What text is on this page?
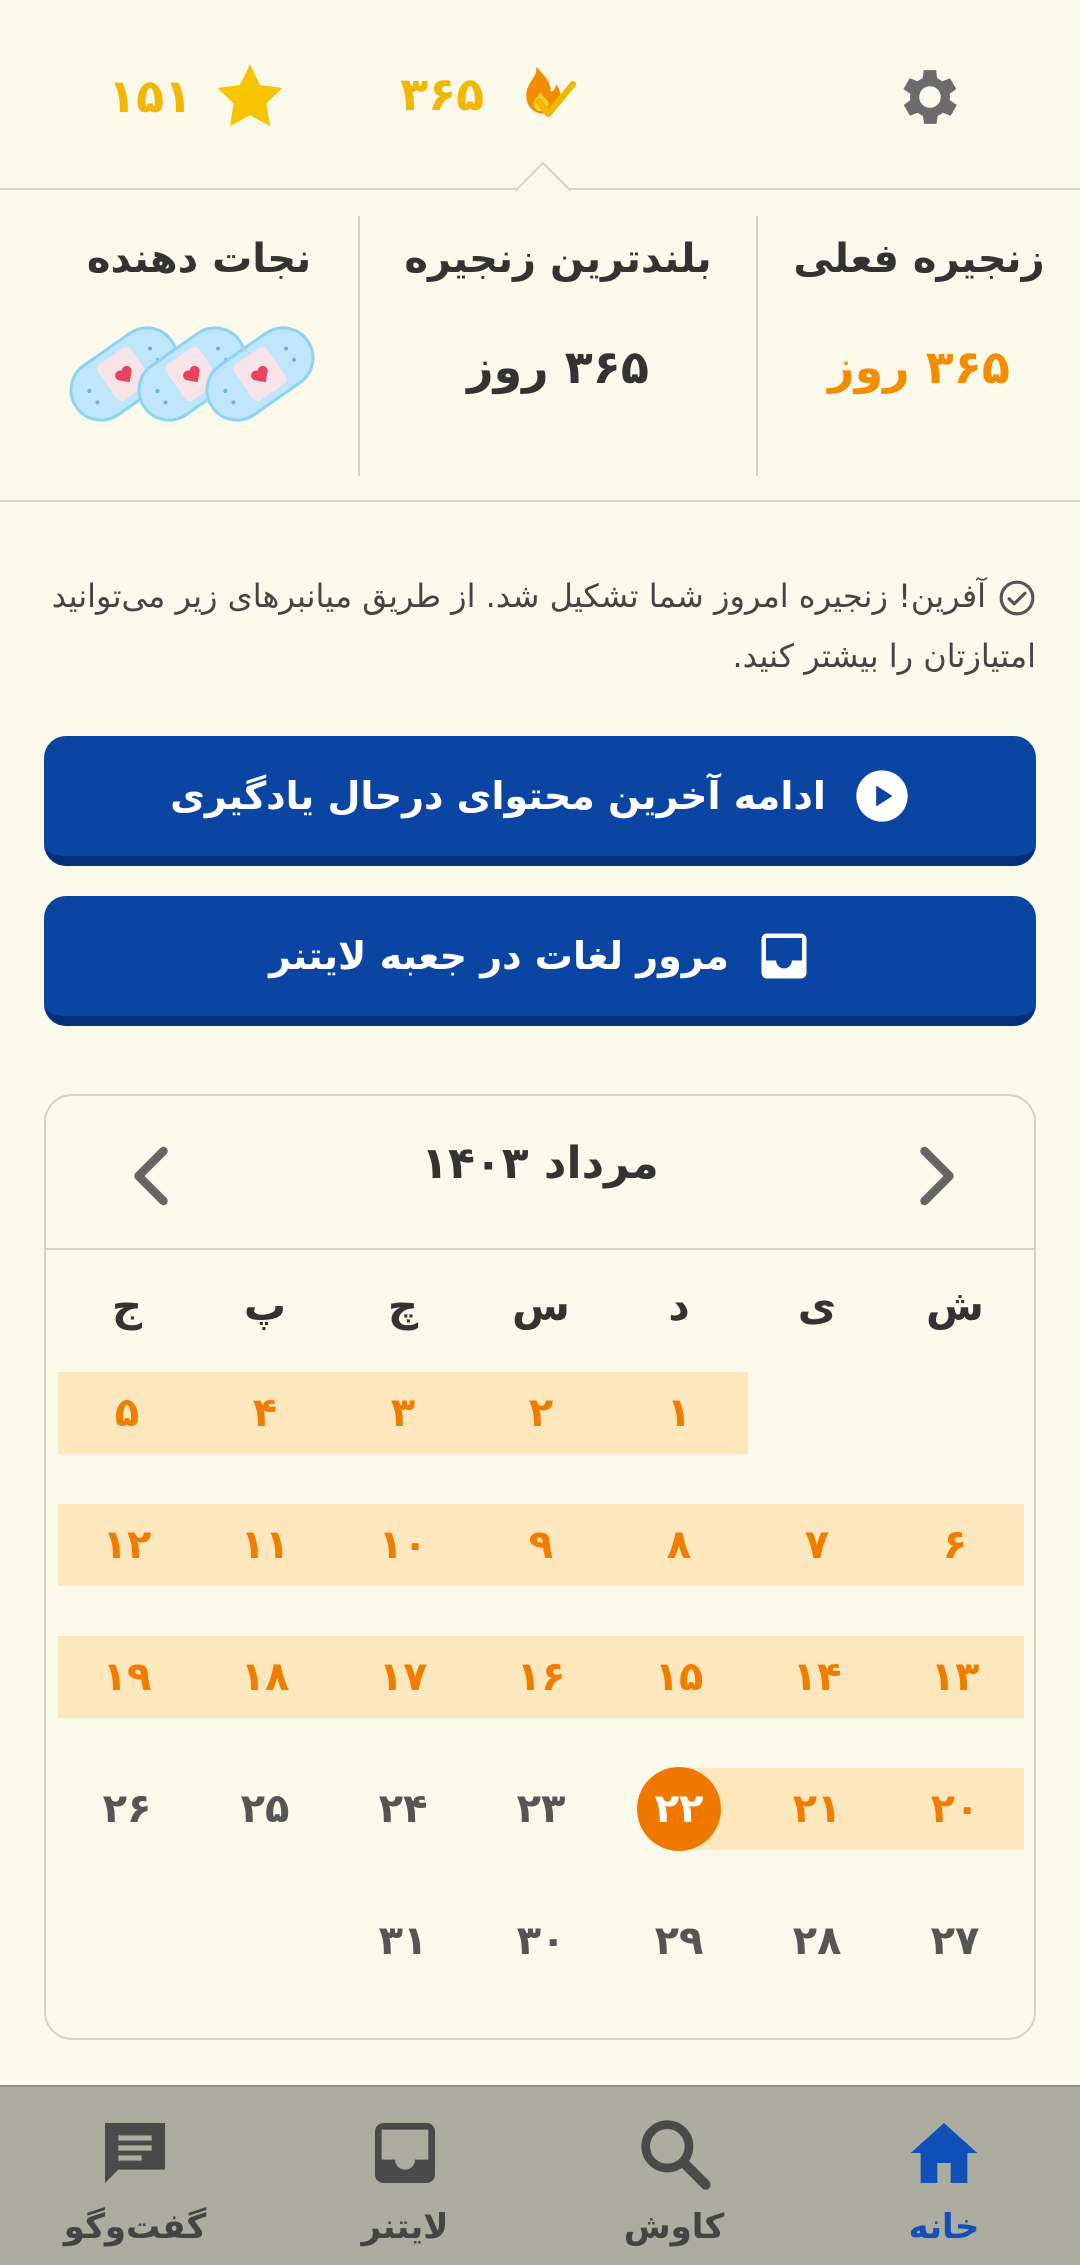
۱۵۱	۳۶۵
زنجیره فعلی
۳۶۵ روز
بلندترین زنجیره
۳۶۵ روز
نجات دهنده
آفرین! زنجیره امروز شما تشکیل شد. از طریق میانبرهای زیر می‌توانید امتیازتان را بیشتر کنید.
ادامه آخرین محتوای درحال یادگیری
مرور لغات در جعبه لایتنر
مرداد ۱۴۰۳
ش
ی
د
س
چ
پ
ج
۱
۲
۳
۴
۵
۶
۷
۸
۹
۱۰
۱۱
۱۲
۱۳
۱۴
۱۵
۱۶
۱۷
۱۸
۱۹
۲۰
۲۱
۲۲
۲۳
۲۴
۲۵
۲۶
۲۷
۲۸
۲۹
۳۰
۳۱
خانه
کاوش
لایتنر
گفت‌وگو
